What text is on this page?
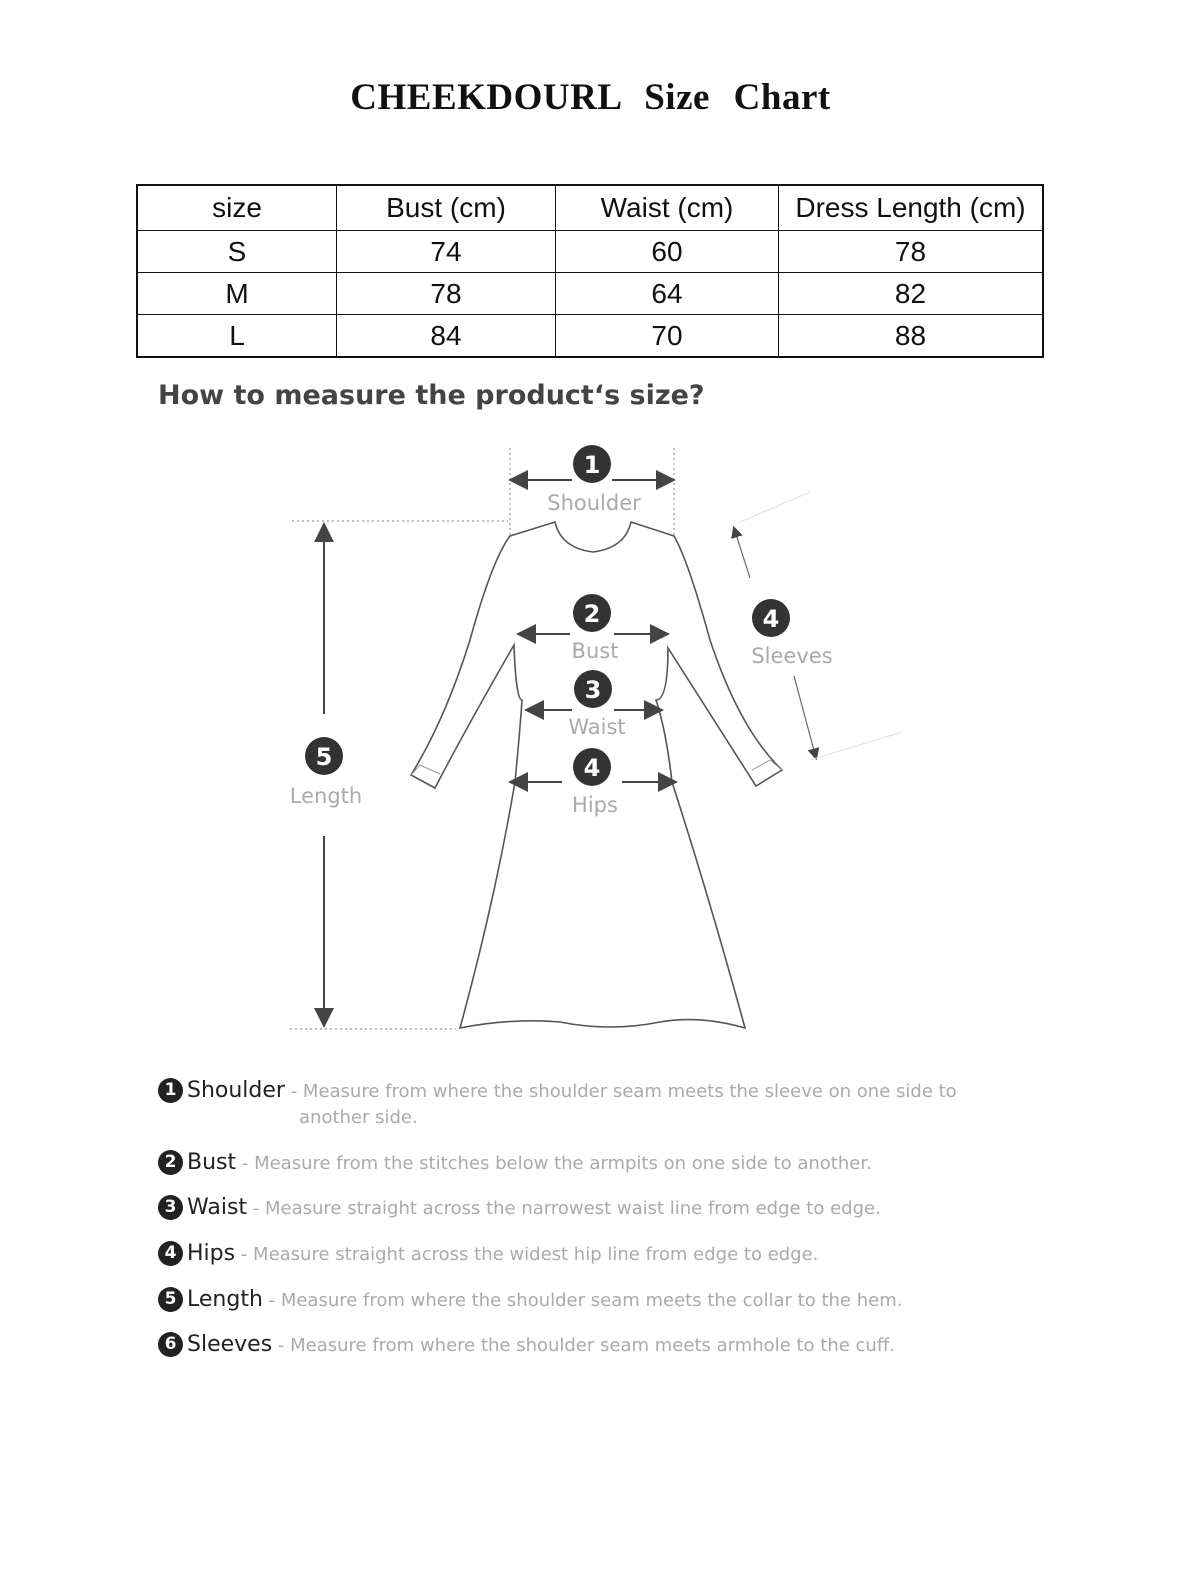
CHEEKDOURL Size Chart
size	Bust (cm)	Waist (cm)	Dress Length (cm)
S	74	60	78
M	78	64	82
L	84	70	88
How to measure the product‘s size?
1
Shoulder
2
Bust
3
Waist
4
Hips
4
Sleeves
5
Length
1 Shoulder - Measure from where the shoulder seam meets the sleeve on one side to
another side.
2 Bust - Measure from the stitches below the armpits on one side to another.
3 Waist - Measure straight across the narrowest waist line from edge to edge.
4 Hips - Measure straight across the widest hip line from edge to edge.
5 Length - Measure from where the shoulder seam meets the collar to the hem.
6 Sleeves - Measure from where the shoulder seam meets armhole to the cuff.
